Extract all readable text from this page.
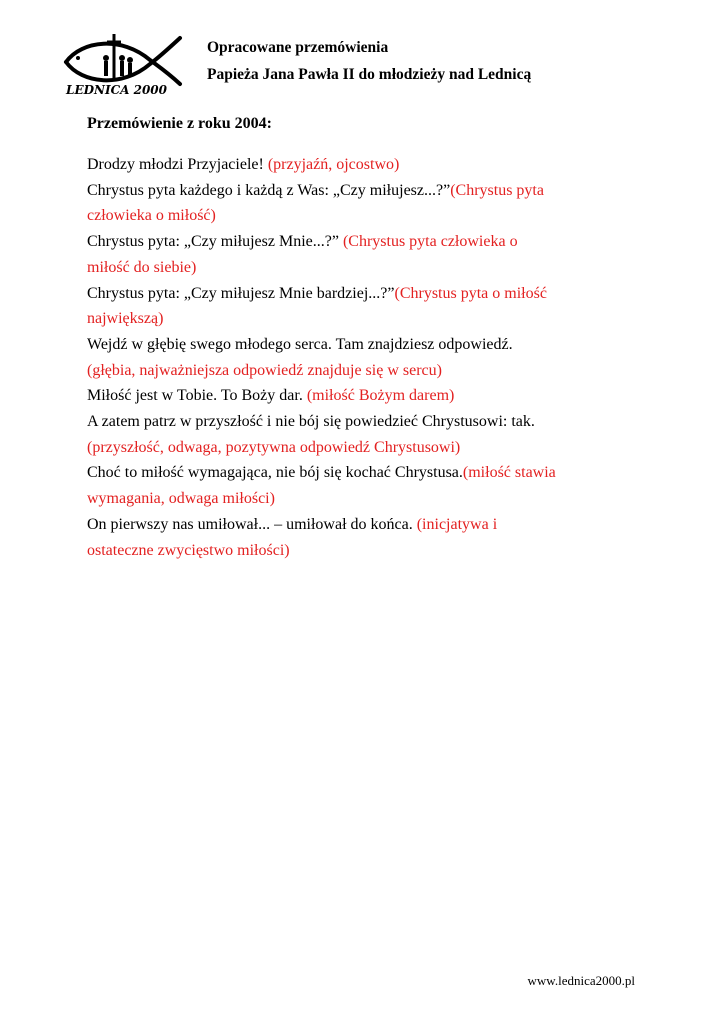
LEDNICA 2000
Opracowane przemówienia
Papieża Jana Pawła II do młodzieży nad Lednicą
Przemówienie z roku 2004:

Drodzy młodzi Przyjaciele! (przyjaźń, ojcostwo)

Chrystus pyta każdego i każdą z Was: „Czy miłujesz...?”(Chrystus pyta człowieka o miłość)

Chrystus pyta: „Czy miłujesz Mnie...?” (Chrystus pyta człowieka o miłość do siebie)

Chrystus pyta: „Czy miłujesz Mnie bardziej...?”(Chrystus pyta o miłość największą)

Wejdź w głębię swego młodego serca. Tam znajdziesz odpowiedź. (głębia, najważniejsza odpowiedź znajduje się w sercu)

Miłość jest w Tobie. To Boży dar. (miłość Bożym darem)

A zatem patrz w przyszłość i nie bój się powiedzieć Chrystusowi: tak.(przyszłość, odwaga, pozytywna odpowiedź Chrystusowi)

Choć to miłość wymagająca, nie bój się kochać Chrystusa.(miłość stawia wymagania, odwaga miłości)

On pierwszy nas umiłował... – umiłował do końca. (inicjatywa i ostateczne zwycięstwo miłości)

www.lednica2000.pl
